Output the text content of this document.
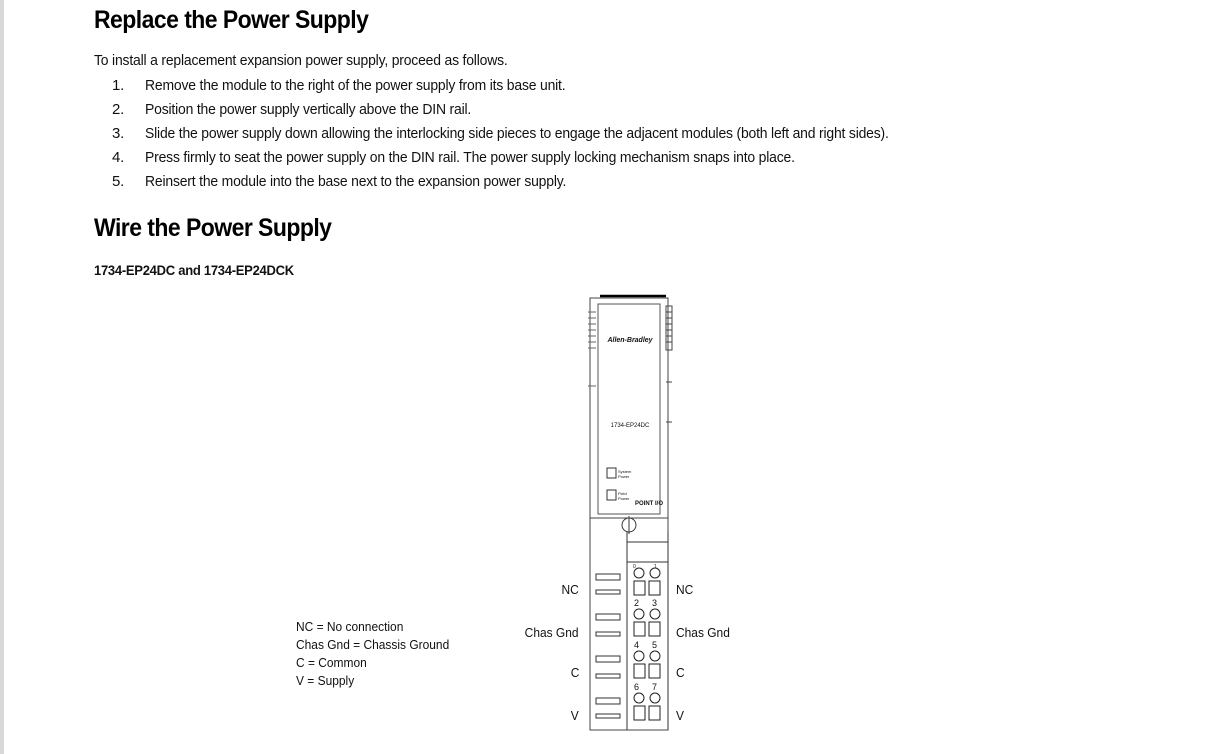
Replace the Power Supply
To install a replacement expansion power supply, proceed as follows.
1. Remove the module to the right of the power supply from its base unit.
2. Position the power supply vertically above the DIN rail.
3. Slide the power supply down allowing the interlocking side pieces to engage the adjacent modules (both left and right sides).
4. Press firmly to seat the power supply on the DIN rail. The power supply locking mechanism snaps into place.
5. Reinsert the module into the base next to the expansion power supply.
Wire the Power Supply
1734-EP24DC and 1734-EP24DCK
Allen-Bradley
1734-EP24DC
System
Power
Field
Power
POINT I/O
0	1
2 3
4 5
6 7
NC
Chas Gnd
C
V
NC
Chas Gnd
C
V
NC = No connection
Chas Gnd = Chassis Ground
C = Common
V = Supply
